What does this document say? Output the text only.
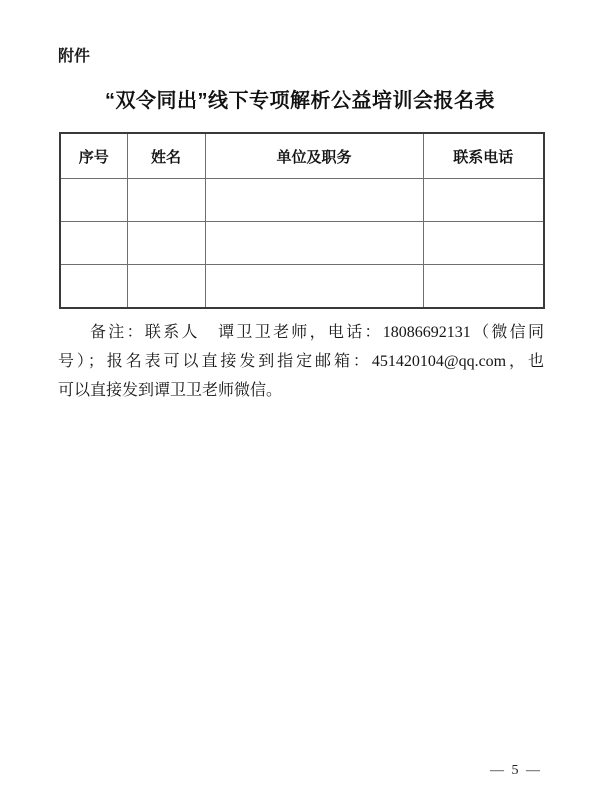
附件
“双令同出”线下专项解析公益培训会报名表
序号	姓名	单位及职务	联系电话

备注：联系人　谭卫卫老师，电话：18086692131（微信同
号）；报名表可以直接发到指定邮箱：451420104@qq.com，也
可以直接发到谭卫卫老师微信。
— 5 —
